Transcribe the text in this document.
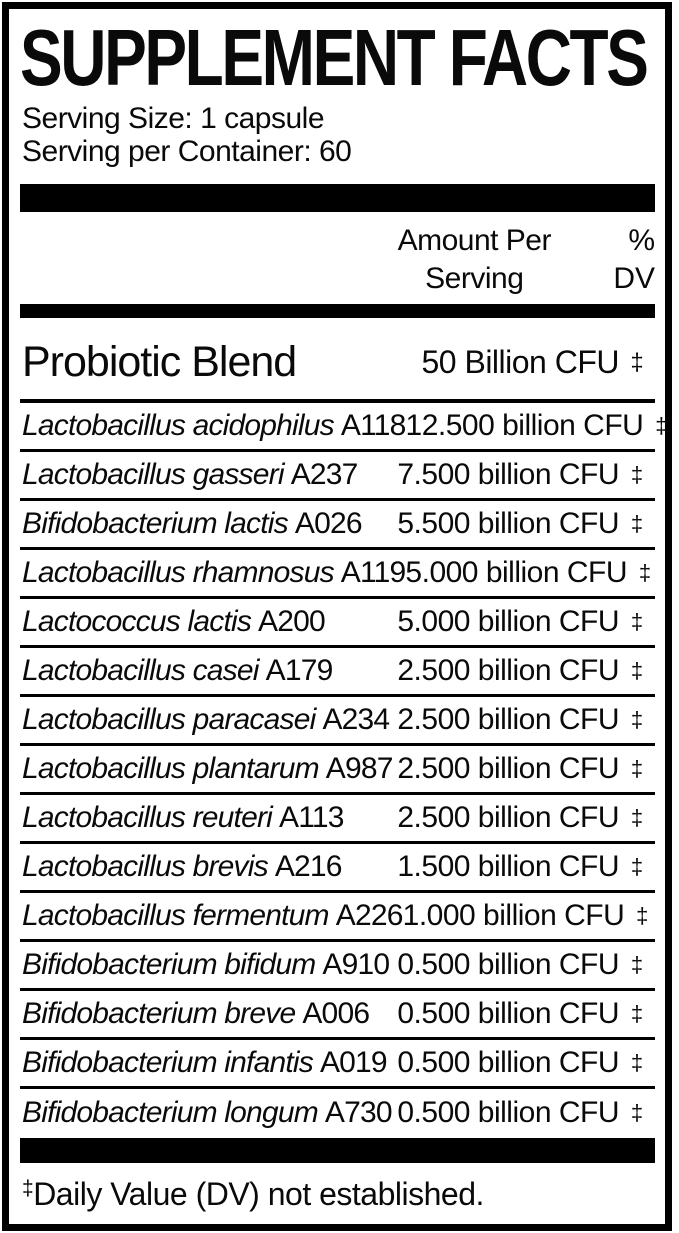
SUPPLEMENT FACTS
Serving Size: 1 capsule
Serving per Container: 60
Amount Per
Serving
% DV
Probiotic Blend	50 Billion CFU ‡
Lactobacillus acidophilus A118 12.500 billion CFU ‡
Lactobacillus gasseri A237	7.500 billion CFU ‡
Bifidobacterium lactis A026	5.500 billion CFU ‡
Lactobacillus rhamnosus A119 5.000 billion CFU ‡
Lactococcus lactis A200	5.000 billion CFU ‡
Lactobacillus casei A179	2.500 billion CFU ‡
Lactobacillus paracasei A234 2.500 billion CFU ‡
Lactobacillus plantarum A987 2.500 billion CFU ‡
Lactobacillus reuteri A113	2.500 billion CFU ‡
Lactobacillus brevis A216	1.500 billion CFU ‡
Lactobacillus fermentum A226 1.000 billion CFU ‡
Bifidobacterium bifidum A910 0.500 billion CFU ‡
Bifidobacterium breve A006 0.500 billion CFU ‡
Bifidobacterium infantis A019 0.500 billion CFU ‡
Bifidobacterium longum A730 0.500 billion CFU ‡
‡Daily Value (DV) not established.
